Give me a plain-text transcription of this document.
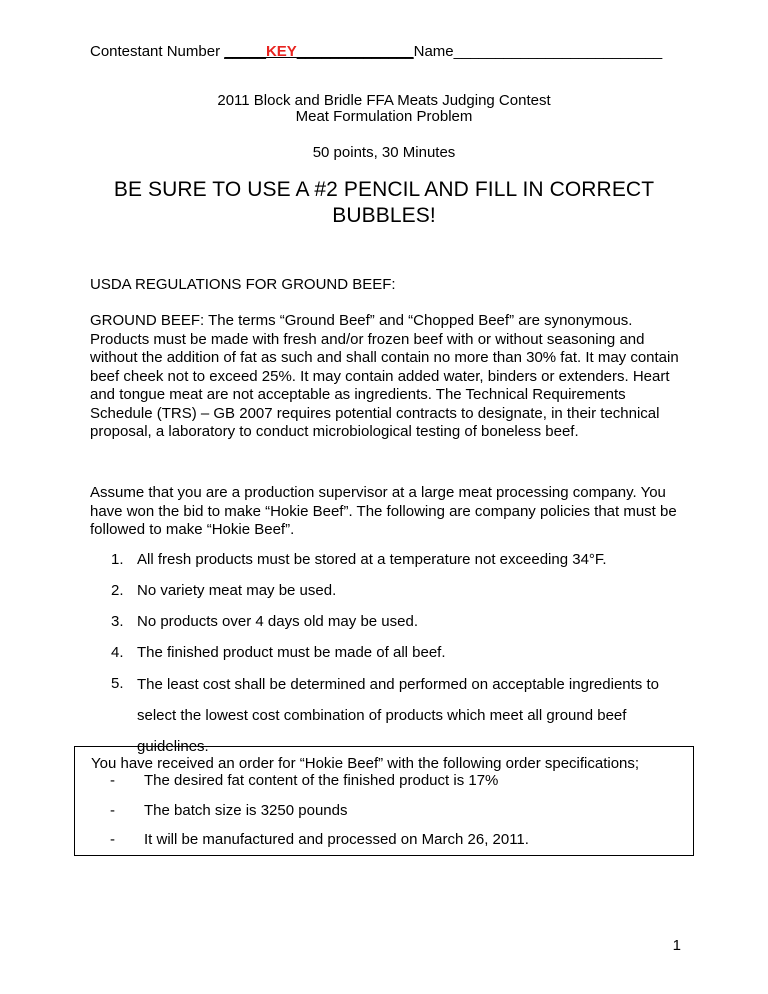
Contestant Number _____KEY______________Name_________________________
2011 Block and Bridle FFA Meats Judging Contest
Meat Formulation Problem
50 points, 30 Minutes
BE SURE TO USE A #2 PENCIL AND FILL IN CORRECT BUBBLES!
USDA REGULATIONS FOR GROUND BEEF:
GROUND BEEF: The terms “Ground Beef” and “Chopped Beef” are synonymous. Products must be made with fresh and/or frozen beef with or without seasoning and without the addition of fat as such and shall contain no more than 30% fat. It may contain beef cheek not to exceed 25%. It may contain added water, binders or extenders. Heart and tongue meat are not acceptable as ingredients. The Technical Requirements Schedule (TRS) – GB 2007 requires potential contracts to designate, in their technical proposal, a laboratory to conduct microbiological testing of boneless beef.
Assume that you are a production supervisor at a large meat processing company. You have won the bid to make “Hokie Beef”. The following are company policies that must be followed to make “Hokie Beef”.
1. All fresh products must be stored at a temperature not exceeding 34°F.
2. No variety meat may be used.
3. No products over 4 days old may be used.
4. The finished product must be made of all beef.
5. The least cost shall be determined and performed on acceptable ingredients to select the lowest cost combination of products which meet all ground beef guidelines.
You have received an order for “Hokie Beef” with the following order specifications;
- The desired fat content of the finished product is 17%
- The batch size is 3250 pounds
- It will be manufactured and processed on March 26, 2011.
1
